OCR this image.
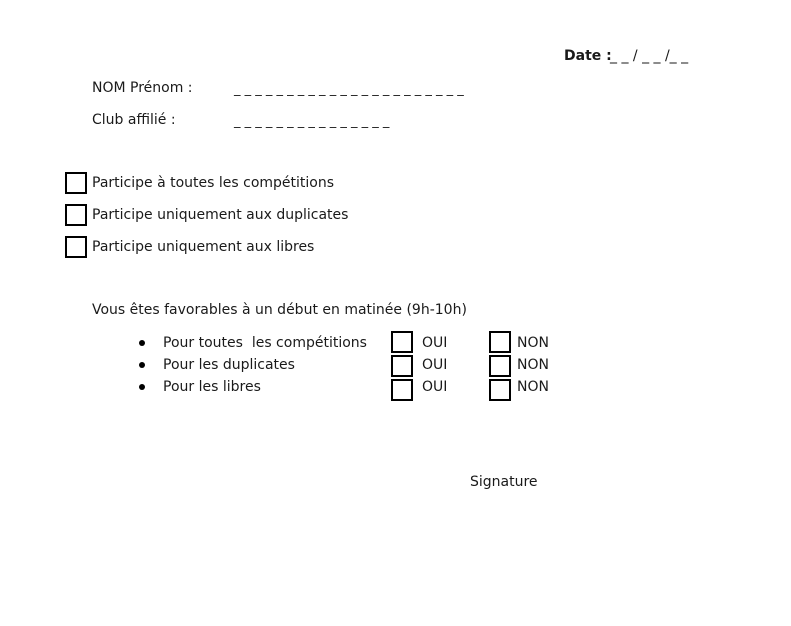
Date :
_ _ / _ _ /_ _
NOM Prénom :	_ _ _ _ _ _ _ _ _ _ _ _ _ _ _ _ _ _ _ _ _ _
Club affilié :	_ _ _ _ _ _ _ _ _ _ _ _ _ _ _
Participe à toutes les compétitions
Participe uniquement aux duplicates
Participe uniquement aux libres
Vous êtes favorables à un début en matinée (9h-10h)
Pour toutes  les compétitions	OUI	NON
Pour les duplicates	OUI	NON
Pour les libres	OUI	NON
Signature
